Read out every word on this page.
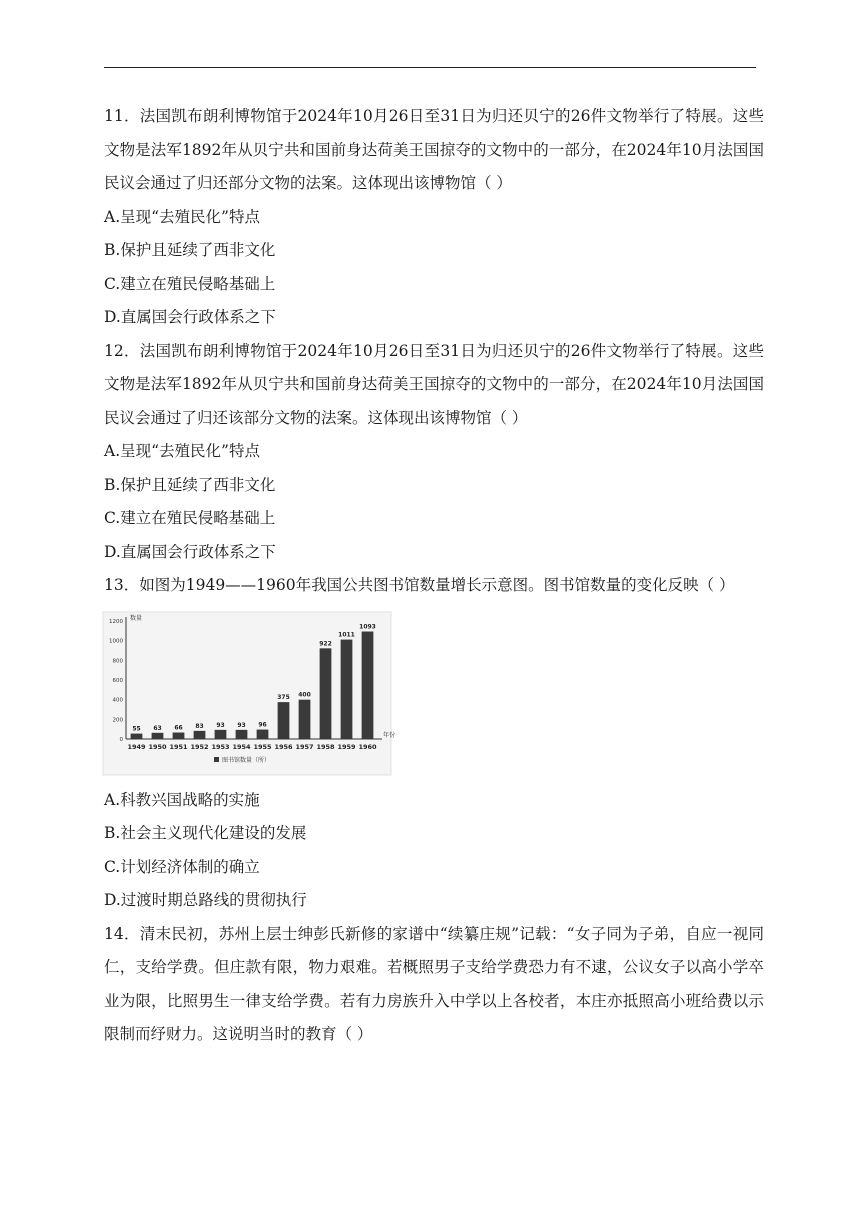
11．法国凯布朗利博物馆于2024年10月26日至31日为归还贝宁的26件文物举行了特展。这些文物是法军1892年从贝宁共和国前身达荷美王国掠夺的文物中的一部分，在2024年10月法国国民议会通过了归还部分文物的法案。这体现出该博物馆（ ）

A.呈现“去殖民化”特点

B.保护且延续了西非文化

C.建立在殖民侵略基础上

D.直属国会行政体系之下

12．法国凯布朗利博物馆于2024年10月26日至31日为归还贝宁的26件文物举行了特展。这些文物是法军1892年从贝宁共和国前身达荷美王国掠夺的文物中的一部分，在2024年10月法国国民议会通过了归还该部分文物的法案。这体现出该博物馆（ ）

A.呈现“去殖民化”特点

B.保护且延续了西非文化

C.建立在殖民侵略基础上

D.直属国会行政体系之下

13．如图为1949——1960年我国公共图书馆数量增长示意图。图书馆数量的变化反映（ ）

数量
年份
0
200
400
600
800
1000
1200
55
1949
63
1950
66
1951
83
1952
93
1953
93
1954
96
1955
375
1956
400
1957
922
1958
1011
1959
1093
1960
图书馆数量（所）

A.科教兴国战略的实施

B.社会主义现代化建设的发展

C.计划经济体制的确立

D.过渡时期总路线的贯彻执行

14．清末民初，苏州上层士绅彭氏新修的家谱中“续纂庄规”记载：“女子同为子弟，自应一视同仁，支给学费。但庄款有限，物力艰难。若概照男子支给学费恐力有不逮，公议女子以高小学卒业为限，比照男生一律支给学费。若有力房族升入中学以上各校者，本庄亦抵照高小班给费以示限制而纾财力。这说明当时的教育（ ）
